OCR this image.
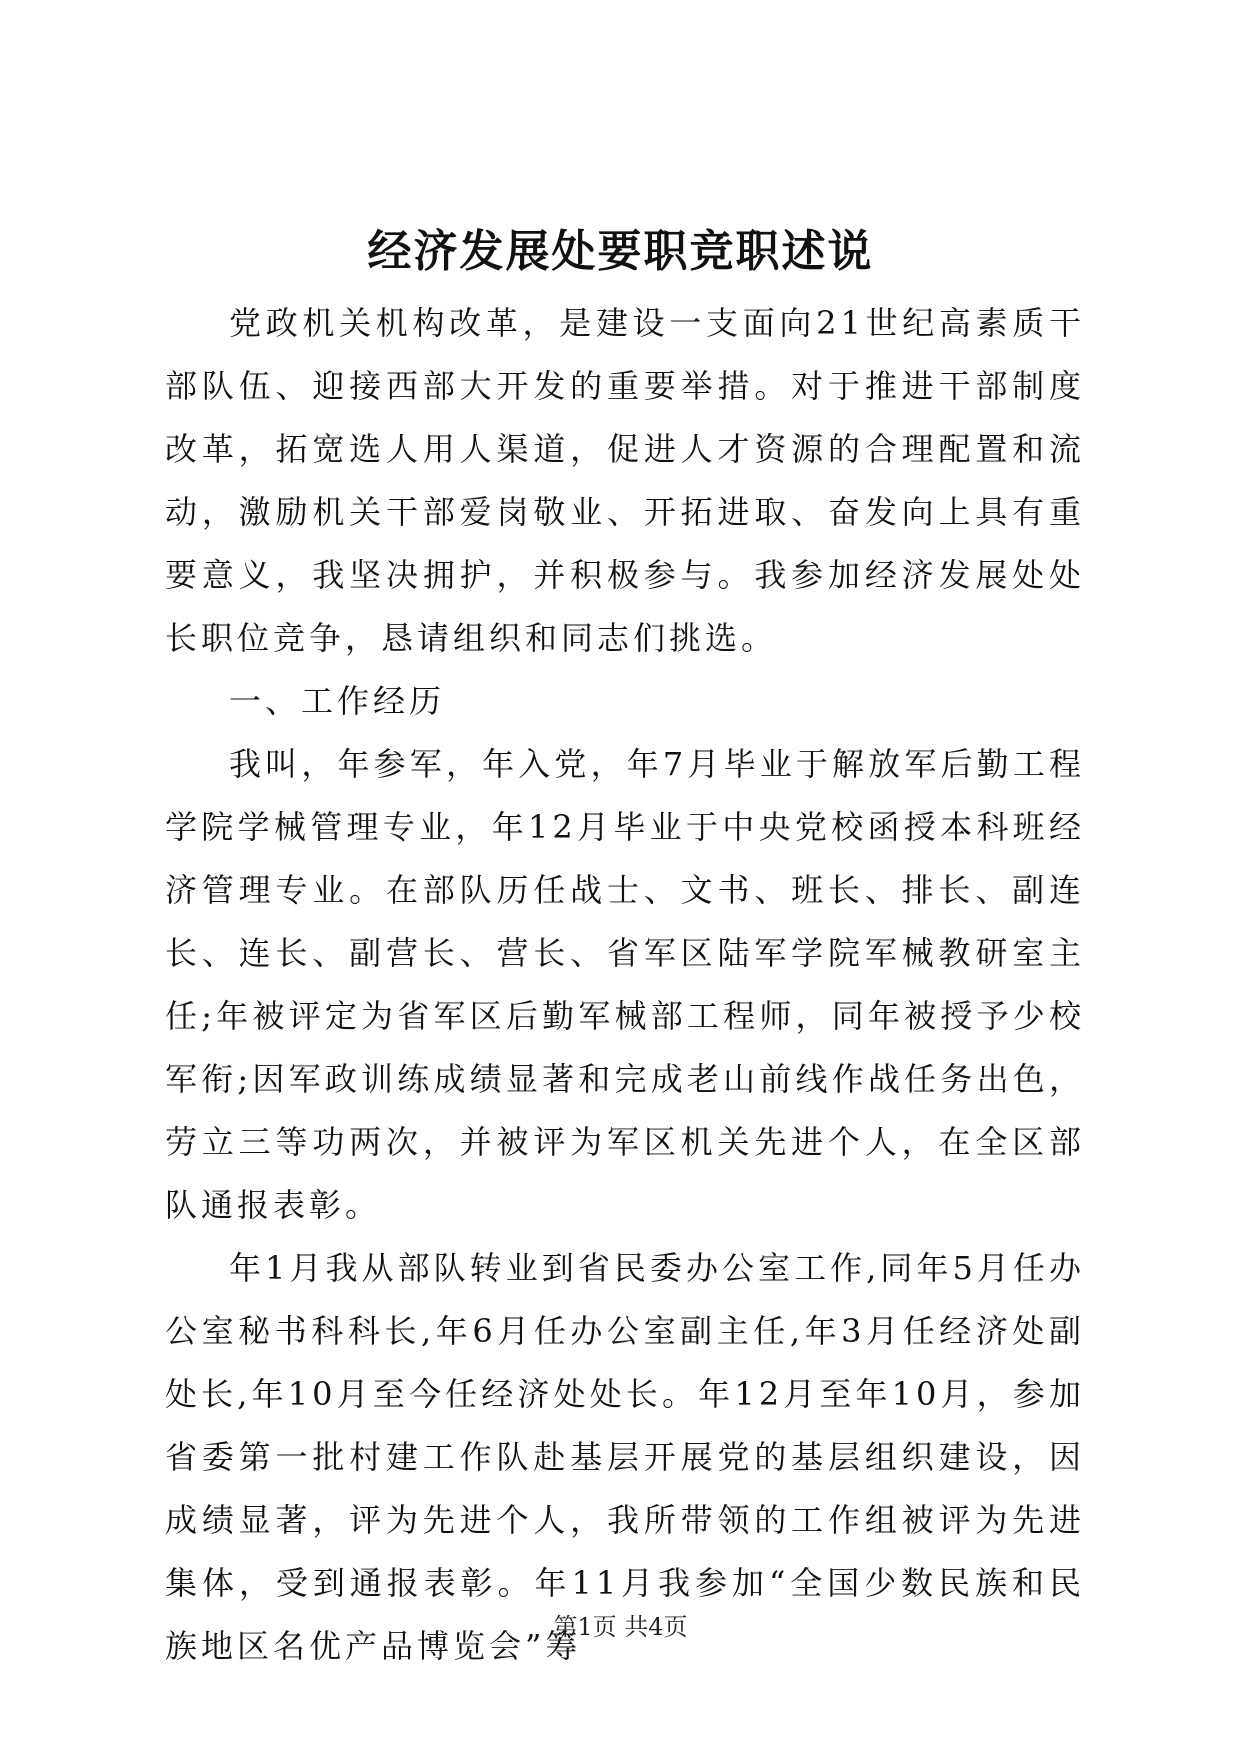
经济发展处要职竞职述说

党政机关机构改革，是建设一支面向21世纪高素质干部队伍、迎接西部大开发的重要举措。对于推进干部制度改革，拓宽选人用人渠道，促进人才资源的合理配置和流动，激励机关干部爱岗敬业、开拓进取、奋发向上具有重要意义，我坚决拥护，并积极参与。我参加经济发展处处长职位竞争，恳请组织和同志们挑选。

一、工作经历

我叫，年参军，年入党，年7月毕业于解放军后勤工程学院学械管理专业，年12月毕业于中央党校函授本科班经济管理专业。在部队历任战士、文书、班长、排长、副连长、连长、副营长、营长、省军区陆军学院军械教研室主任;年被评定为省军区后勤军械部工程师，同年被授予少校军衔;因军政训练成绩显著和完成老山前线作战任务出色，劳立三等功两次，并被评为军区机关先进个人，在全区部队通报表彰。

年1月我从部队转业到省民委办公室工作,同年5月任办公室秘书科科长,年6月任办公室副主任,年3月任经济处副处长,年10月至今任经济处处长。年12月至年10月，参加省委第一批村建工作队赴基层开展党的基层组织建设，因成绩显著，评为先进个人，我所带领的工作组被评为先进集体，受到通报表彰。年11月我参加“全国少数民族和民族地区名优产品博览会”筹

第1页 共4页
